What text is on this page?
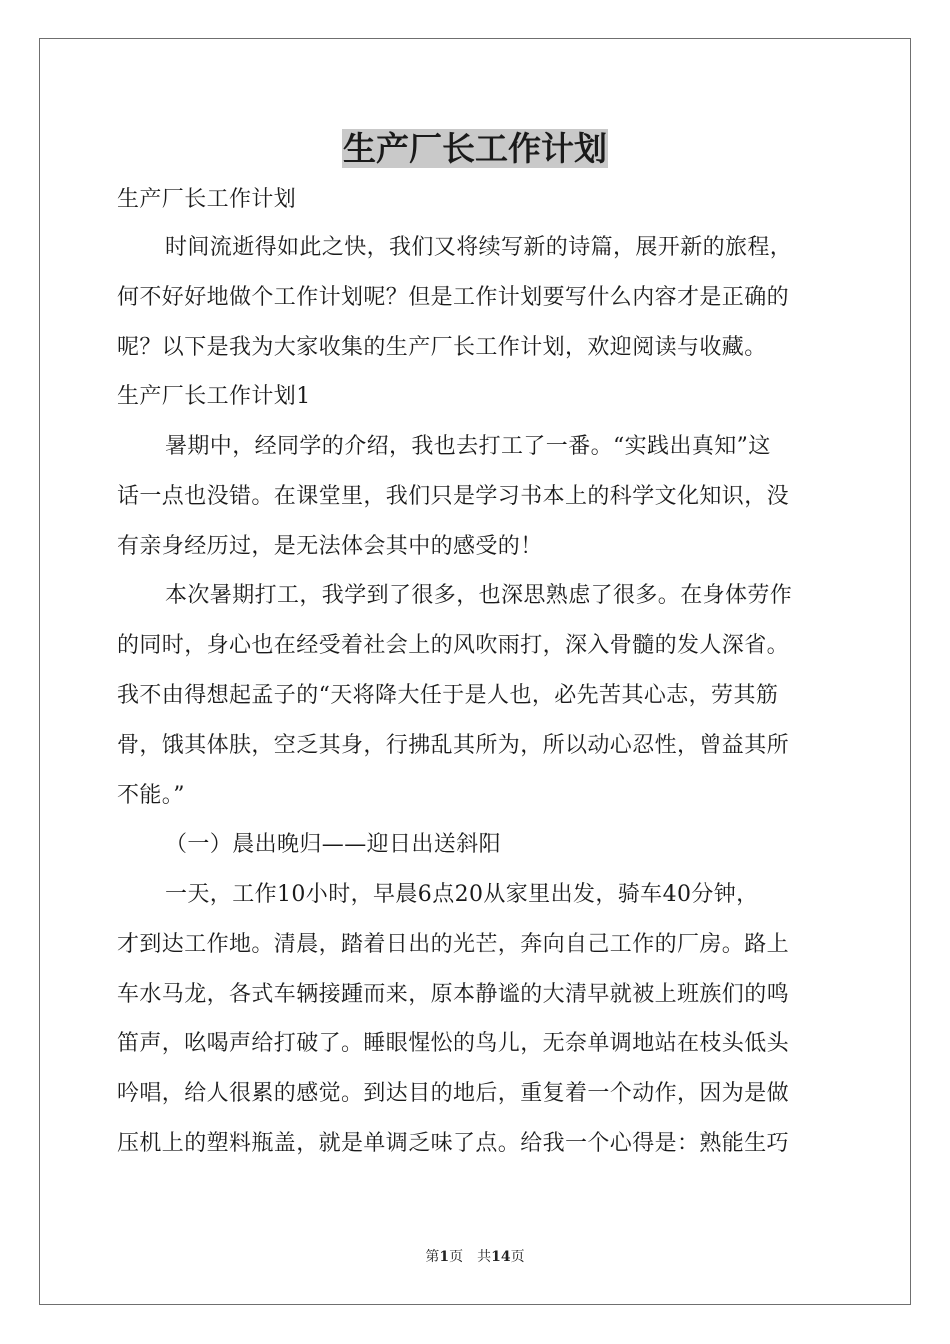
生产厂长工作计划
生产厂长工作计划
时间流逝得如此之快，我们又将续写新的诗篇，展开新的旅程，
何不好好地做个工作计划呢？但是工作计划要写什么内容才是正确的
呢？以下是我为大家收集的生产厂长工作计划，欢迎阅读与收藏。
生产厂长工作计划1
暑期中，经同学的介绍，我也去打工了一番。“实践出真知”这
话一点也没错。在课堂里，我们只是学习书本上的科学文化知识，没
有亲身经历过，是无法体会其中的感受的！
本次暑期打工，我学到了很多，也深思熟虑了很多。在身体劳作
的同时，身心也在经受着社会上的风吹雨打，深入骨髓的发人深省。
我不由得想起孟子的“天将降大任于是人也，必先苦其心志，劳其筋
骨，饿其体肤，空乏其身，行拂乱其所为，所以动心忍性，曾益其所
不能。”
（一）晨出晚归——迎日出送斜阳
一天，工作10小时，早晨6点20从家里出发，骑车40分钟，
才到达工作地。清晨，踏着日出的光芒，奔向自己工作的厂房。路上
车水马龙，各式车辆接踵而来，原本静谧的大清早就被上班族们的鸣
笛声，吆喝声给打破了。睡眼惺忪的鸟儿，无奈单调地站在枝头低头
吟唱，给人很累的感觉。到达目的地后，重复着一个动作，因为是做
压机上的塑料瓶盖，就是单调乏味了点。给我一个心得是：熟能生巧
第1页　共14页
